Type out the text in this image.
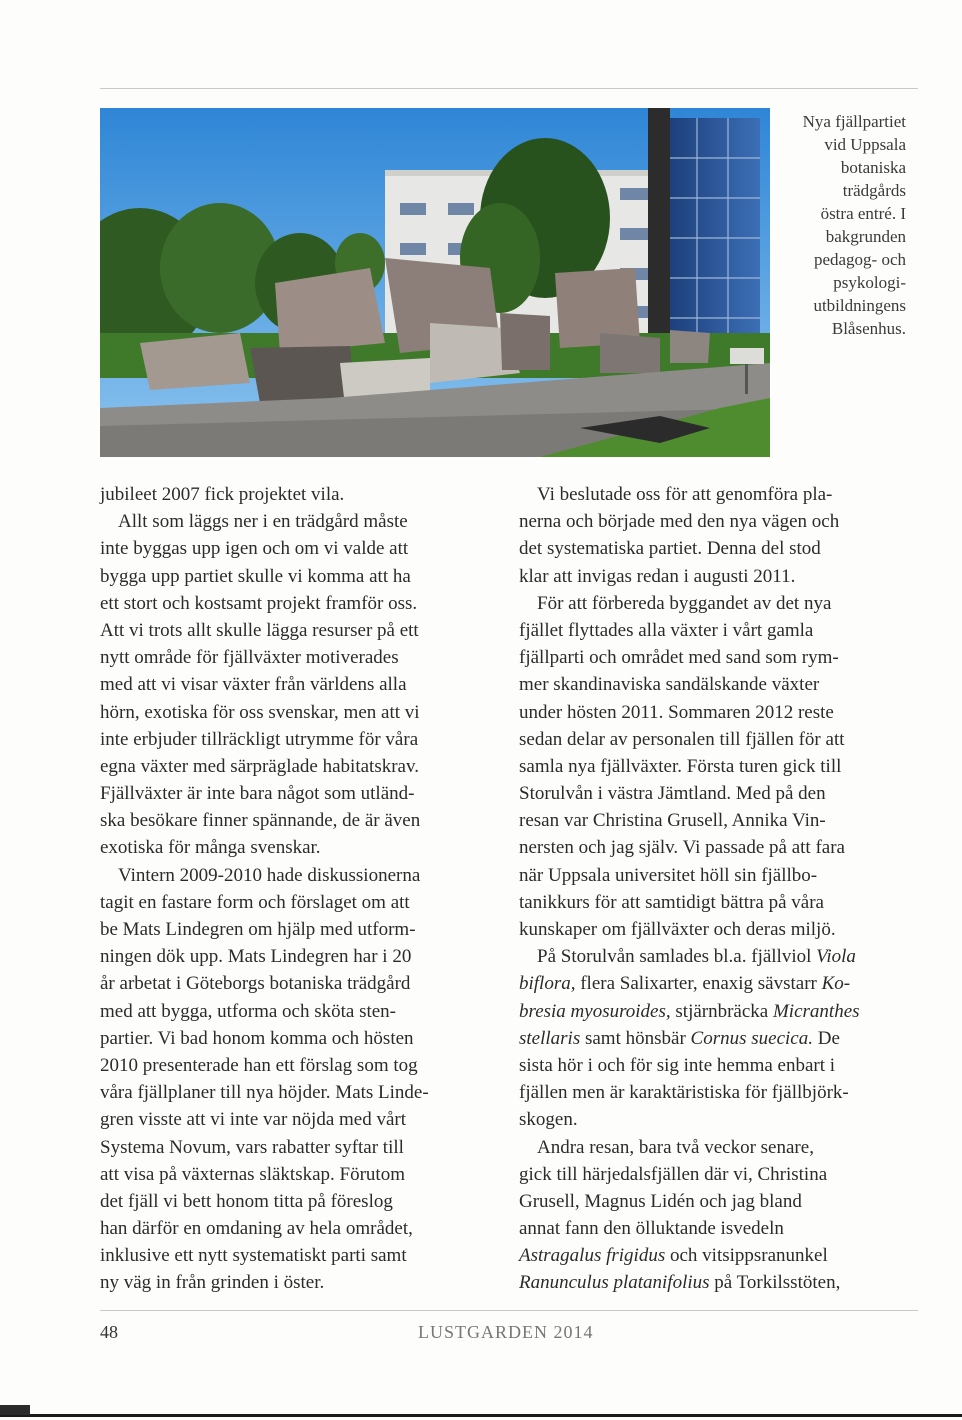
Nya fjällpartiet
vid Uppsala
botaniska
trädgårds
östra entré. I
bakgrunden
pedagog- och
psykologi-
utbildningens
Blåsenhus.
jubileet 2007 fick projektet vila.
Allt som läggs ner i en trädgård måste
inte byggas upp igen och om vi valde att
bygga upp partiet skulle vi komma att ha
ett stort och kostsamt projekt framför oss.
Att vi trots allt skulle lägga resurser på ett
nytt område för fjällväxter motiverades
med att vi visar växter från världens alla
hörn, exotiska för oss svenskar, men att vi
inte erbjuder tillräckligt utrymme för våra
egna växter med särpräglade habitatskrav.
Fjällväxter är inte bara något som utländ-
ska besökare finner spännande, de är även
exotiska för många svenskar.
Vintern 2009-2010 hade diskussionerna
tagit en fastare form och förslaget om att
be Mats Lindegren om hjälp med utform-
ningen dök upp. Mats Lindegren har i 20
år arbetat i Göteborgs botaniska trädgård
med att bygga, utforma och sköta sten-
partier. Vi bad honom komma och hösten
2010 presenterade han ett förslag som tog
våra fjällplaner till nya höjder. Mats Linde-
gren visste att vi inte var nöjda med vårt
Systema Novum, vars rabatter syftar till
att visa på växternas släktskap. Förutom
det fjäll vi bett honom titta på föreslog
han därför en omdaning av hela området,
inklusive ett nytt systematiskt parti samt
ny väg in från grinden i öster.
Vi beslutade oss för att genomföra pla-
nerna och började med den nya vägen och
det systematiska partiet. Denna del stod
klar att invigas redan i augusti 2011.
För att förbereda byggandet av det nya
fjället flyttades alla växter i vårt gamla
fjällparti och området med sand som rym-
mer skandinaviska sandälskande växter
under hösten 2011. Sommaren 2012 reste
sedan delar av personalen till fjällen för att
samla nya fjällväxter. Första turen gick till
Storulvån i västra Jämtland. Med på den
resan var Christina Grusell, Annika Vin-
nersten och jag själv. Vi passade på att fara
när Uppsala universitet höll sin fjällbo-
tanikkurs för att samtidigt bättra på våra
kunskaper om fjällväxter och deras miljö.
På Storulvån samlades bl.a. fjällviol Viola
biflora, flera Salixarter, enaxig sävstarr Ko-
bresia myosuroides, stjärnbräcka Micranthes
stellaris samt hönsbär Cornus suecica. De
sista hör i och för sig inte hemma enbart i
fjällen men är karaktäristiska för fjällbjörk-
skogen.
Andra resan, bara två veckor senare,
gick till härjedalsfjällen där vi, Christina
Grusell, Magnus Lidén och jag bland
annat fann den ölluktande isvedeln
Astragalus frigidus och vitsippsranunkel
Ranunculus platanifolius på Torkilsstöten,
48	LUSTGARDEN 2014
